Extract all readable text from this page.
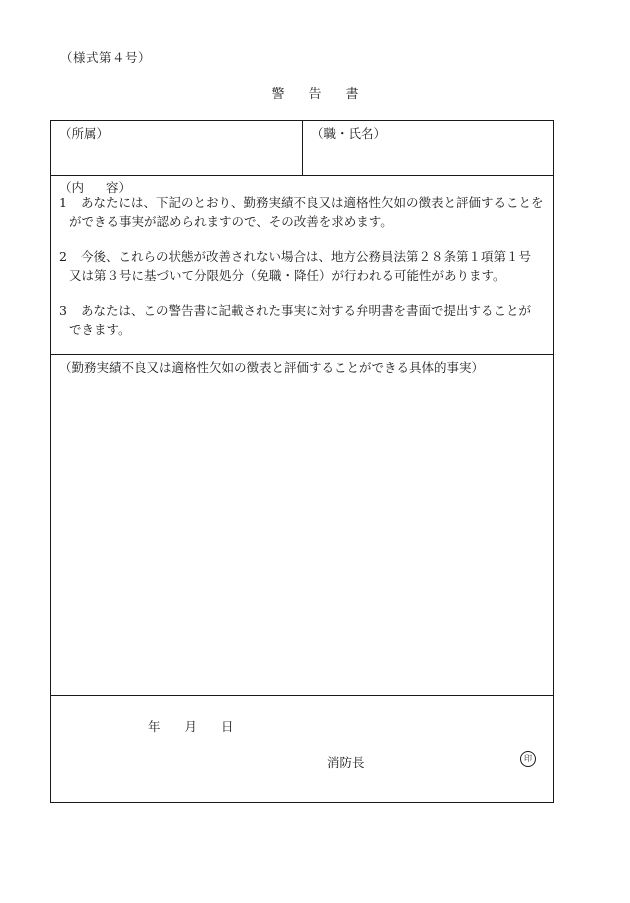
（様式第４号）
警 告 書
（所属）	（職・氏名）
（内 容）
1 あなたには、下記のとおり、勤務実績不良又は適格性欠如の徴表と評価することを
ができる事実が認められますので、その改善を求めます。
2 今後、これらの状態が改善されない場合は、地方公務員法第２８条第１項第１号
又は第３号に基づいて分限処分（免職・降任）が行われる可能性があります。
3 あなたは、この警告書に記載された事実に対する弁明書を書面で提出することが
できます。
（勤務実績不良又は適格性欠如の徴表と評価することができる具体的事実）
年 月 日
消防長	印
